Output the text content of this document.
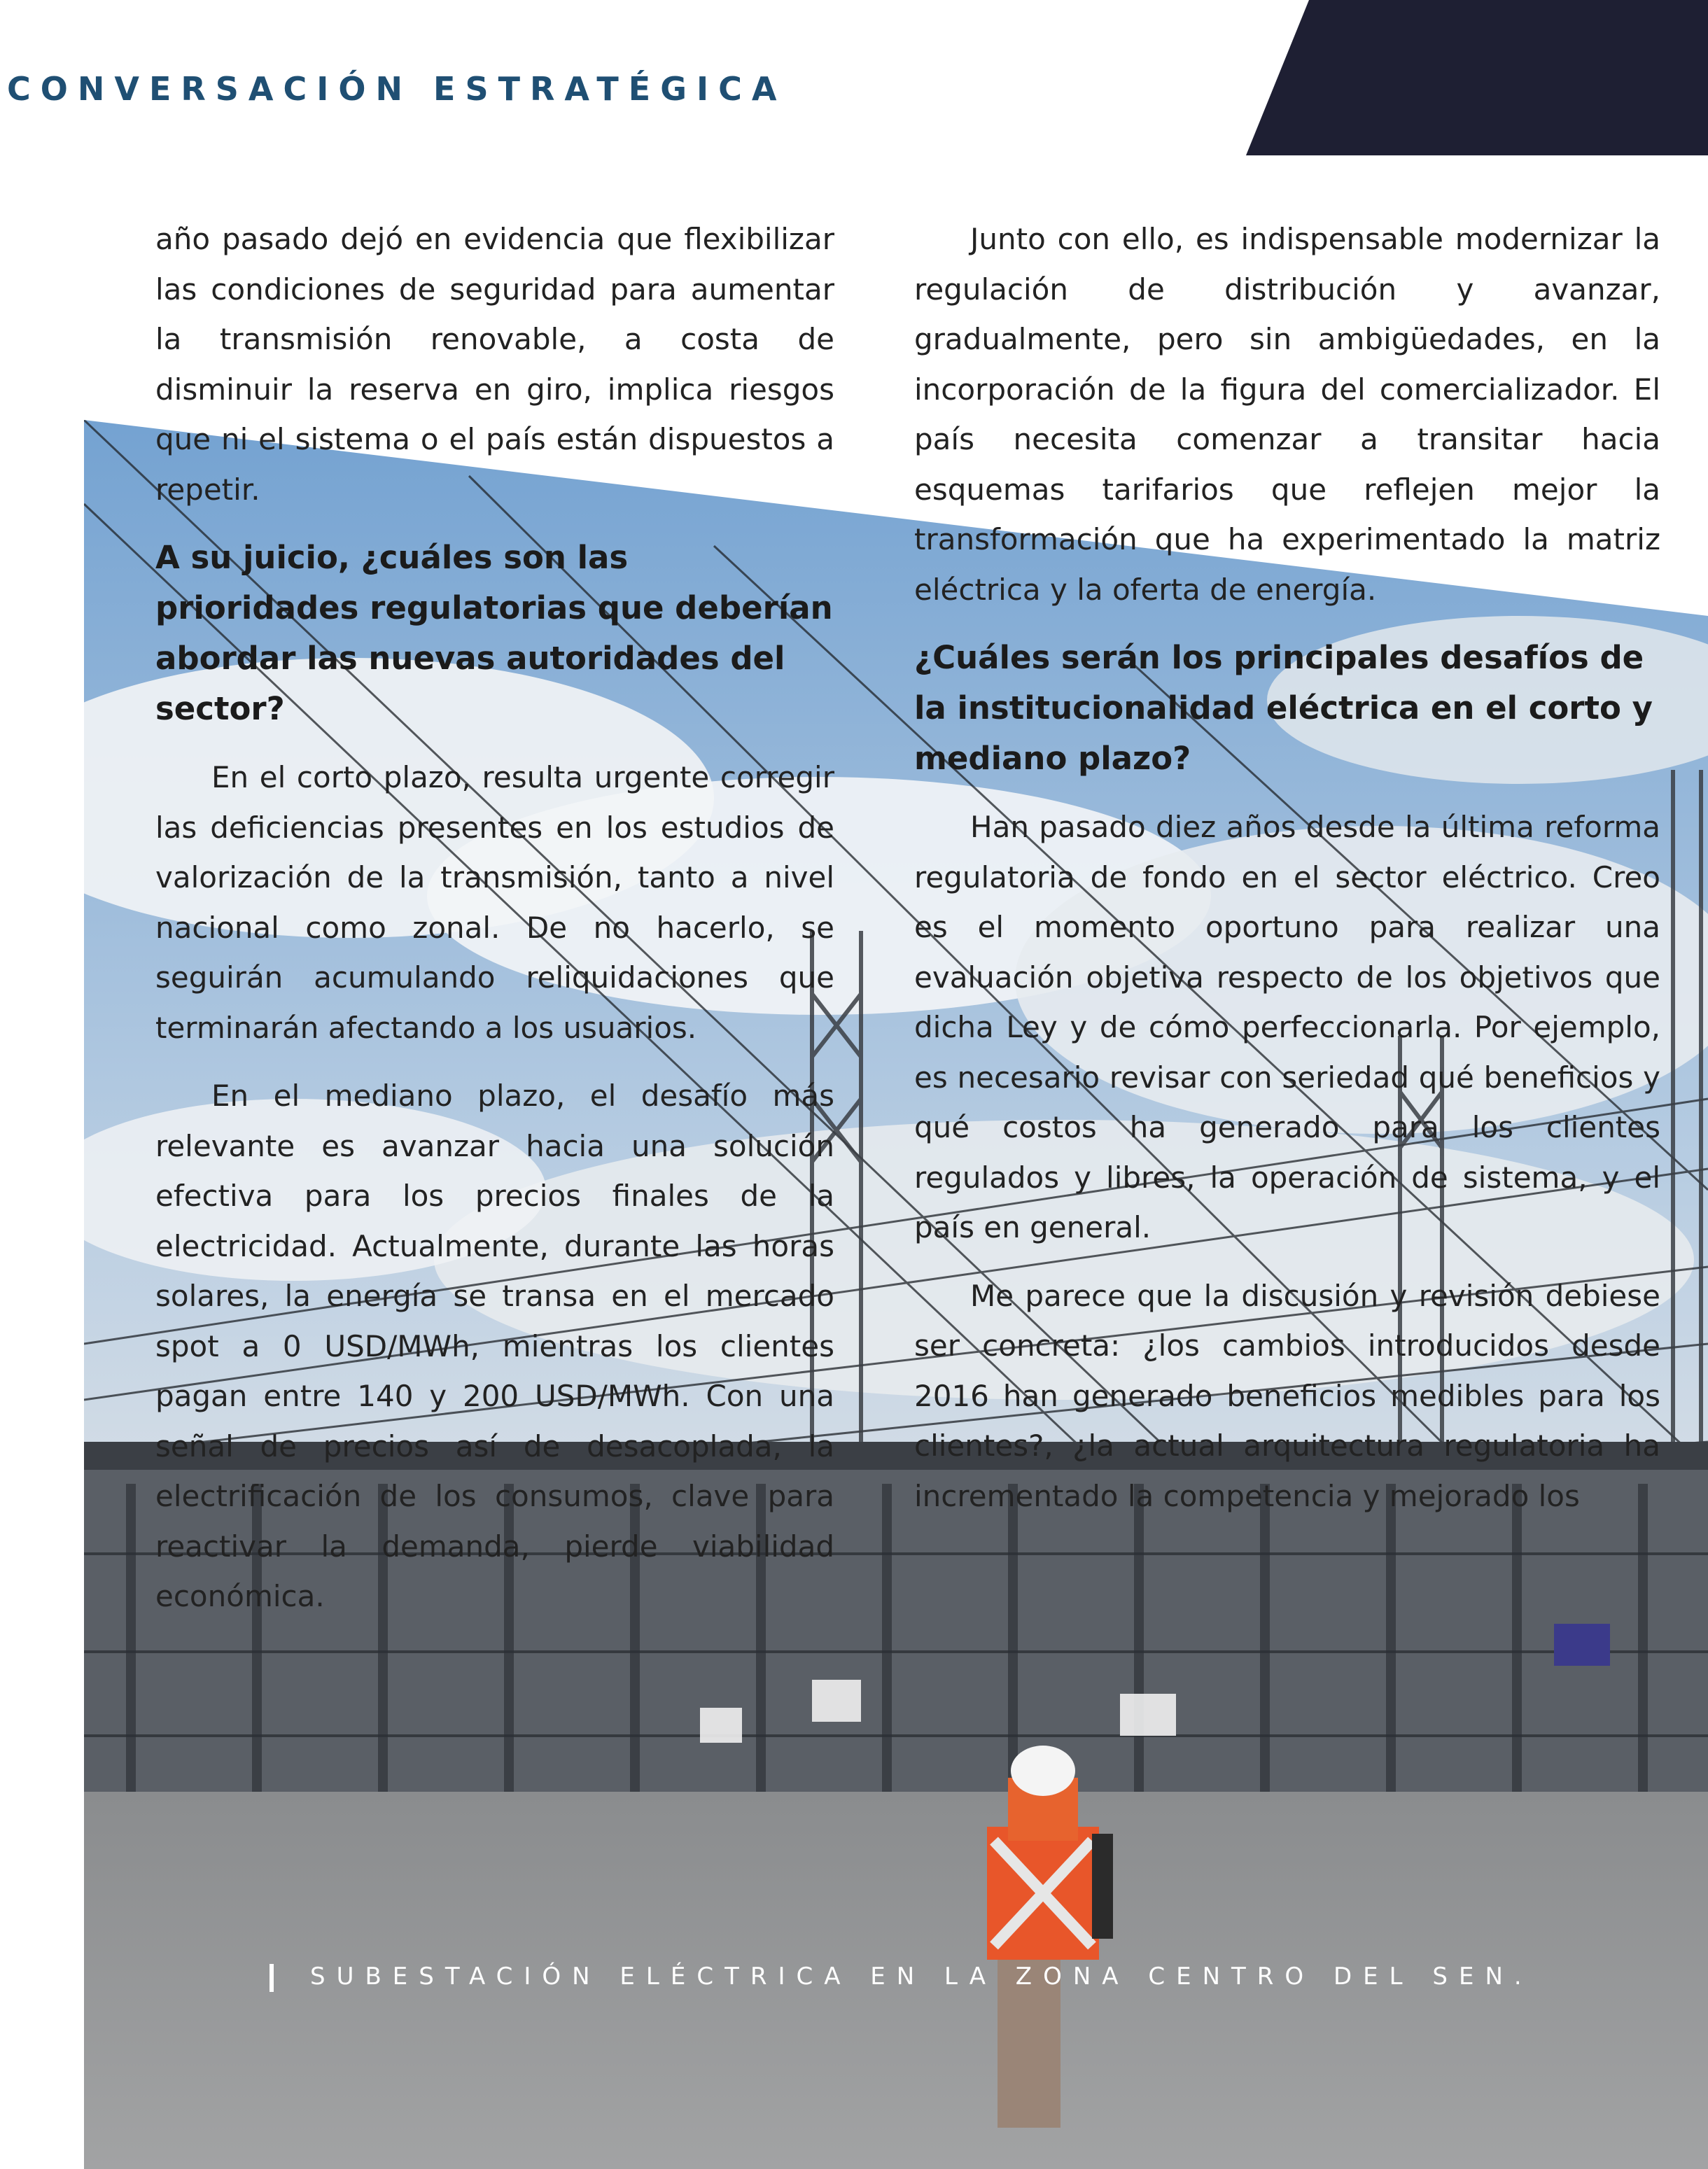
CONVERSACIÓN ESTRATÉGICA

año pasado dejó en evidencia que flexibilizar las condiciones de seguridad para aumentar la transmisión renovable, a costa de disminuir la reserva en giro, implica riesgos que ni el sistema o el país están dispuestos a repetir.

A su juicio, ¿cuáles son las prioridades regulatorias que deberían abordar las nuevas autoridades del sector?

En el corto plazo, resulta urgente corregir las deficiencias presentes en los estudios de valorización de la transmisión, tanto a nivel nacional como zonal. De no hacerlo, se seguirán acumulando reliquidaciones que terminarán afectando a los usuarios.

En el mediano plazo, el desafío más relevante es avanzar hacia una solución efectiva para los precios finales de la electricidad. Actualmente, durante las horas solares, la energía se transa en el mercado spot a 0 USD/MWh, mientras los clientes pagan entre 140 y 200 USD/MWh. Con una señal de precios así de desacoplada, la electrificación de los consumos, clave para reactivar la demanda, pierde viabilidad económica.

Junto con ello, es indispensable modernizar la regulación de distribución y avanzar, gradualmente, pero sin ambigüedades, en la incorporación de la figura del comercializador. El país necesita comenzar a transitar hacia esquemas tarifarios que reflejen mejor la transformación que ha experimentado la matriz eléctrica y la oferta de energía.

¿Cuáles serán los principales desafíos de la institucionalidad eléctrica en el corto y mediano plazo?

Han pasado diez años desde la última reforma regulatoria de fondo en el sector eléctrico. Creo es el momento oportuno para realizar una evaluación objetiva respecto de los objetivos que dicha Ley y de cómo perfeccionarla. Por ejemplo, es necesario revisar con seriedad qué beneficios y qué costos ha generado para los clientes regulados y libres, la operación de sistema, y el país en general.

Me parece que la discusión y revisión debiese ser concreta: ¿los cambios introducidos desde 2016 han generado beneficios medibles para los clientes?, ¿la actual arquitectura regulatoria ha incrementado la competencia y mejorado los

SUBESTACIÓN ELÉCTRICA EN LA ZONA CENTRO DEL SEN.
